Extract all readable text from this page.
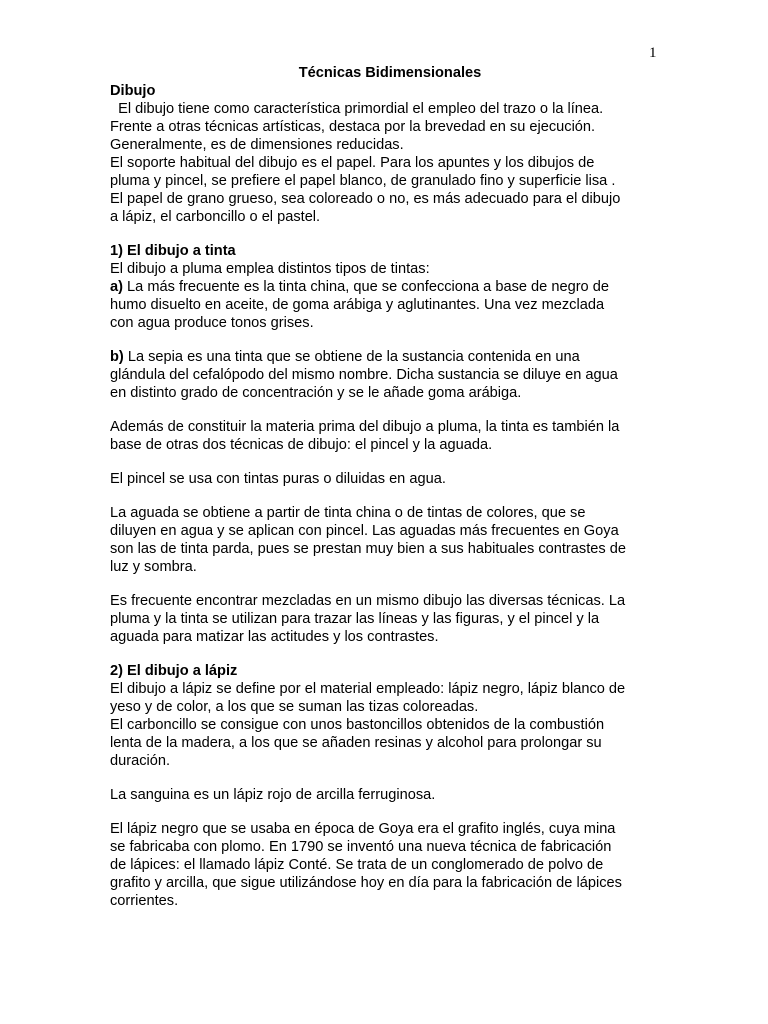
1
Técnicas Bidimensionales
Dibujo
El dibujo tiene como característica primordial el empleo del trazo o la línea.
Frente a otras técnicas artísticas, destaca por la brevedad en su ejecución.
Generalmente, es de dimensiones reducidas.
El soporte habitual del dibujo es el papel. Para los apuntes y los dibujos de
pluma y pincel, se prefiere el papel blanco, de granulado fino y superficie lisa .
El papel de grano grueso, sea coloreado o no, es más adecuado para el dibujo
a lápiz, el carboncillo o el pastel.
1) El dibujo a tinta
El dibujo a pluma emplea distintos tipos de tintas:
a) La más frecuente es la tinta china, que se confecciona a base de negro de
humo disuelto en aceite, de goma arábiga y aglutinantes. Una vez mezclada
con agua produce tonos grises.
b) La sepia es una tinta que se obtiene de la sustancia contenida en una
glándula del cefalópodo del mismo nombre. Dicha sustancia se diluye en agua
en distinto grado de concentración y se le añade goma arábiga.
Además de constituir la materia prima del dibujo a pluma, la tinta es también la
base de otras dos técnicas de dibujo: el pincel y la aguada.
El pincel se usa con tintas puras o diluidas en agua.
La aguada se obtiene a partir de tinta china o de tintas de colores, que se
diluyen en agua y se aplican con pincel. Las aguadas más frecuentes en Goya
son las de tinta parda, pues se prestan muy bien a sus habituales contrastes de
luz y sombra.
Es frecuente encontrar mezcladas en un mismo dibujo las diversas técnicas. La
pluma y la tinta se utilizan para trazar las líneas y las figuras, y el pincel y la
aguada para matizar las actitudes y los contrastes.
2) El dibujo a lápiz
El dibujo a lápiz se define por el material empleado: lápiz negro, lápiz blanco de
yeso y de color, a los que se suman las tizas coloreadas.
El carboncillo se consigue con unos bastoncillos obtenidos de la combustión
lenta de la madera, a los que se añaden resinas y alcohol para prolongar su
duración.
La sanguina es un lápiz rojo de arcilla ferruginosa.
El lápiz negro que se usaba en época de Goya era el grafito inglés, cuya mina
se fabricaba con plomo. En 1790 se inventó una nueva técnica de fabricación
de lápices: el llamado lápiz Conté. Se trata de un conglomerado de polvo de
grafito y arcilla, que sigue utilizándose hoy en día para la fabricación de lápices
corrientes.
